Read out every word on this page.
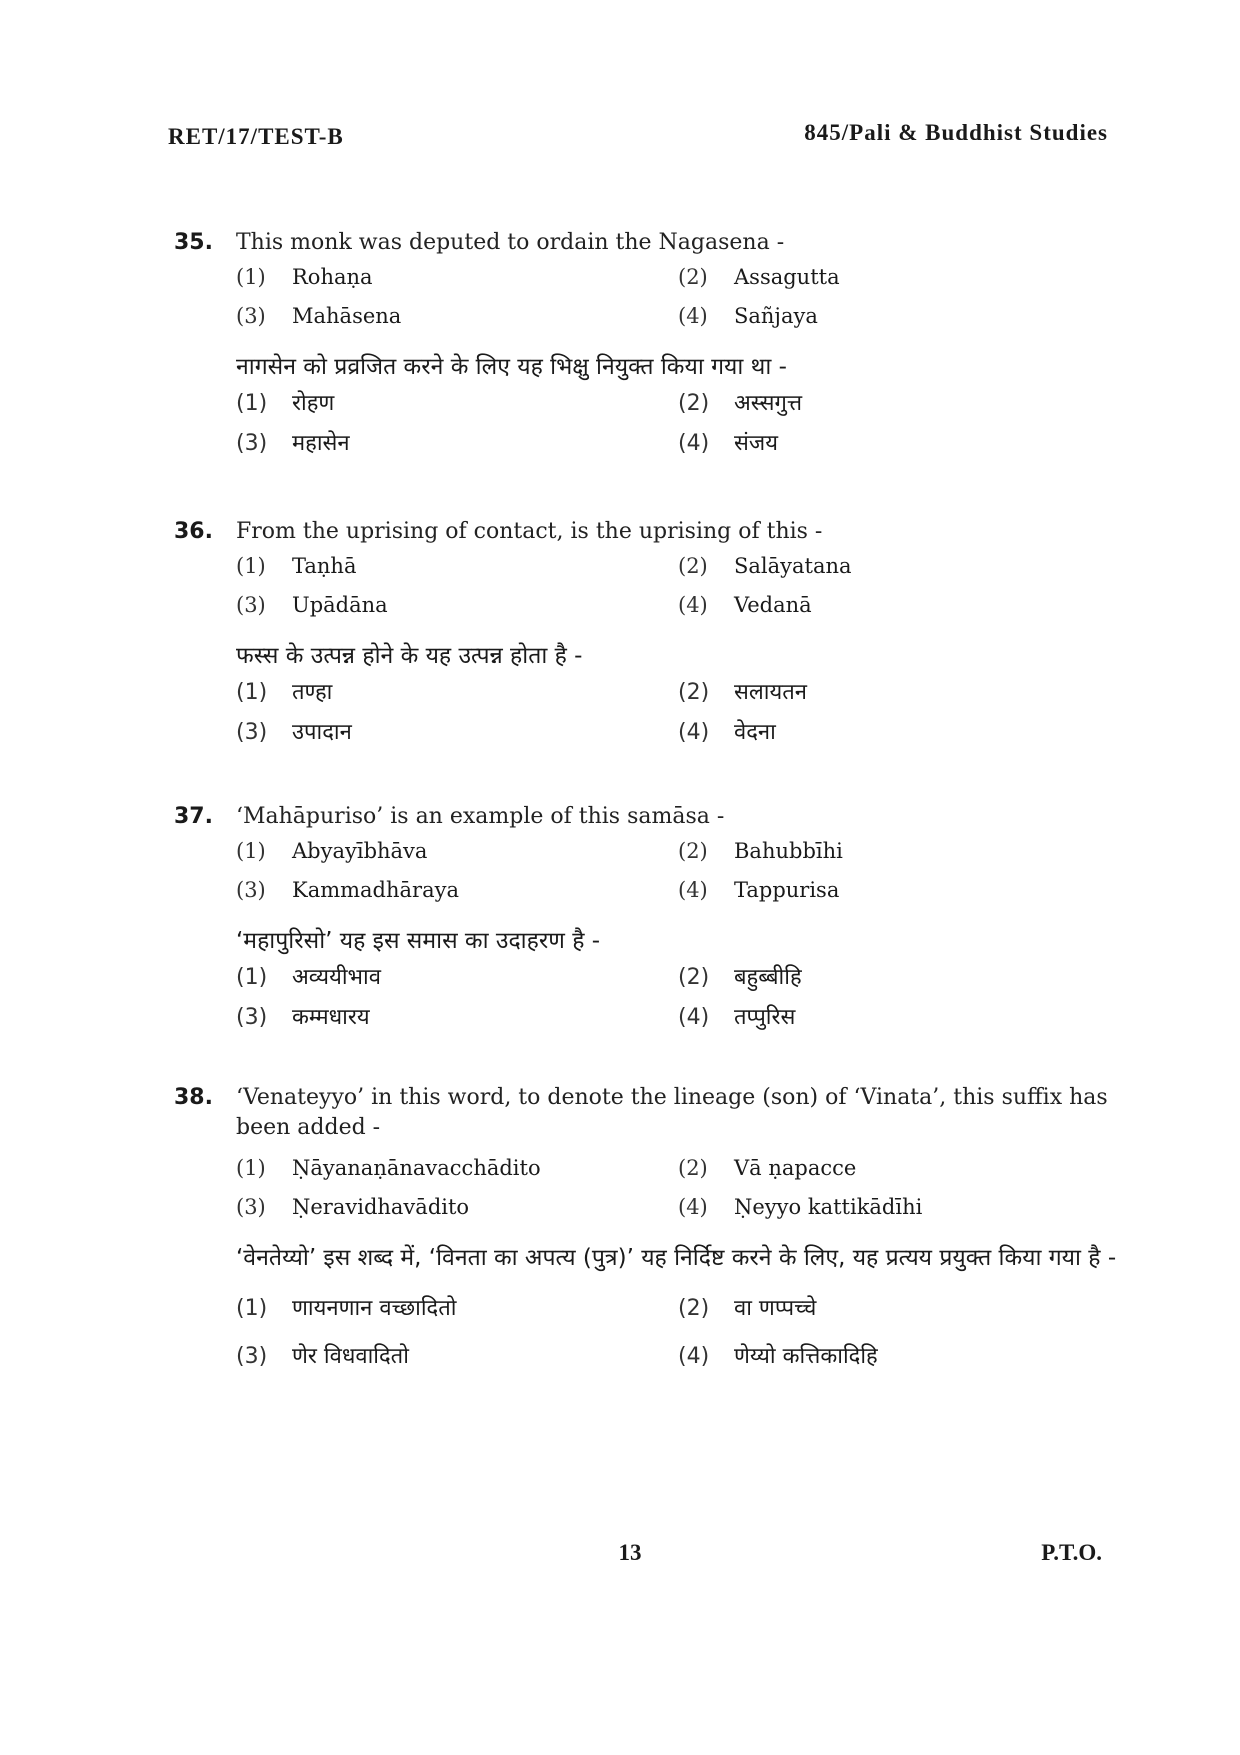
RET/17/TEST-B	845/Pali & Buddhist Studies
35. This monk was deputed to ordain the Nagasena -
(1) Rohaṇa	(2) Assagutta
(3) Mahāsena	(4) Sañjaya
नागसेन को प्रव्रजित करने के लिए यह भिक्षु नियुक्त किया गया था -
(1) रोहण	(2) अस्सगुत्त
(3) महासेन	(4) संजय
36. From the uprising of contact, is the uprising of this -
(1) Taṇhā	(2) Salāyatana
(3) Upādāna	(4) Vedanā
फस्स के उत्पन्न होने के यह उत्पन्न होता है -
(1) तण्हा	(2) सलायतन
(3) उपादान	(4) वेदना
37. ‘Mahāpuriso’ is an example of this samāsa -
(1) Abyayībhāva	(2) Bahubbīhi
(3) Kammadhāraya	(4) Tappurisa
‘महापुरिसो’ यह इस समास का उदाहरण है -
(1) अव्ययीभाव	(2) बहुब्बीहि
(3) कम्मधारय	(4) तप्पुरिस
38. ‘Venateyyo’ in this word, to denote the lineage (son) of ‘Vinata’, this suffix has been added -
(1) Ṇāyanaṇānavacchādito	(2) Vā ṇapacce
(3) Ṇeravidhavādito	(4) Ṇeyyo kattikādīhi
‘वेनतेय्यो’ इस शब्द में, ‘विनता का अपत्य (पुत्र)’ यह निर्दिष्ट करने के लिए, यह प्रत्यय प्रयुक्त किया गया है -
(1) णायनणान वच्छादितो	(2) वा णप्पच्चे
(3) णेर विधवादितो	(4) णेय्यो कत्तिकादिहि
13	P.T.O.
